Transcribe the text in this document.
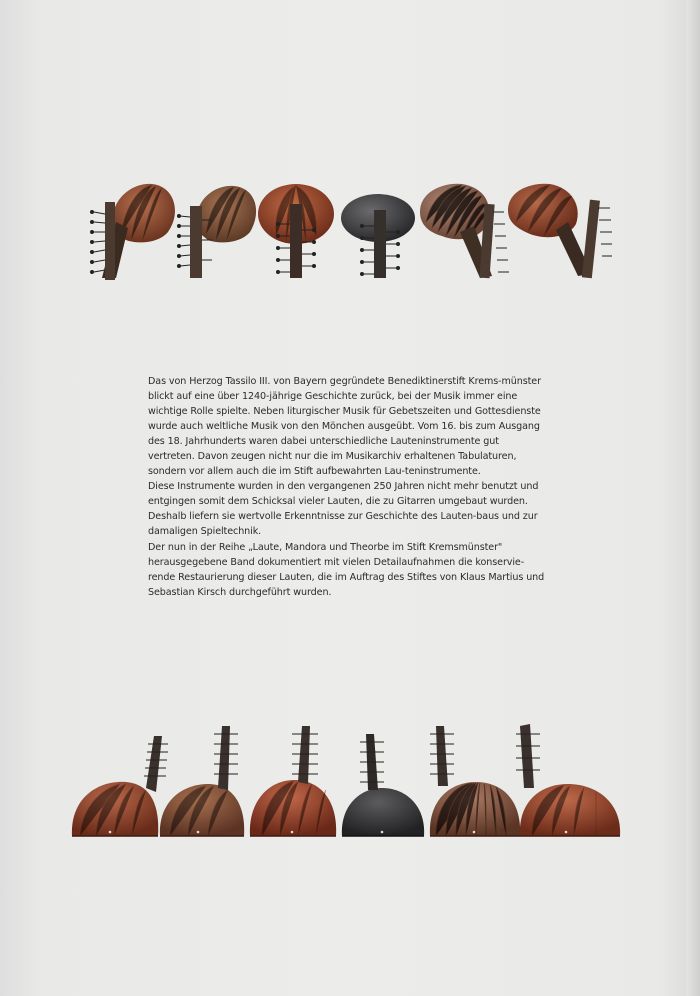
Das von Herzog Tassilo III. von Bayern gegründete Benediktinerstift Krems-münster blickt auf eine über 1240-jährige Geschichte zurück, bei der Musik immer eine wichtige Rolle spielte. Neben liturgischer Musik für Gebetszeiten und Gottesdienste wurde auch weltliche Musik von den Mönchen ausgeübt. Vom 16. bis zum Ausgang des 18. Jahrhunderts waren dabei unterschiedliche Lauteninstrumente gut vertreten. Davon zeugen nicht nur die im Musikarchiv erhaltenen Tabulaturen, sondern vor allem auch die im Stift aufbewahrten Lau-teninstrumente.

Diese Instrumente wurden in den vergangenen 250 Jahren nicht mehr benutzt und entgingen somit dem Schicksal vieler Lauten, die zu Gitarren umgebaut wurden. Deshalb liefern sie wertvolle Erkenntnisse zur Geschichte des Lauten-baus und zur damaligen Spieltechnik.

Der nun in der Reihe „Laute, Mandora und Theorbe im Stift Kremsmünster" herausgegebene Band dokumentiert mit vielen Detailaufnahmen die konservie-rende Restaurierung dieser Lauten, die im Auftrag des Stiftes von Klaus Martius und Sebastian Kirsch durchgeführt wurden.
